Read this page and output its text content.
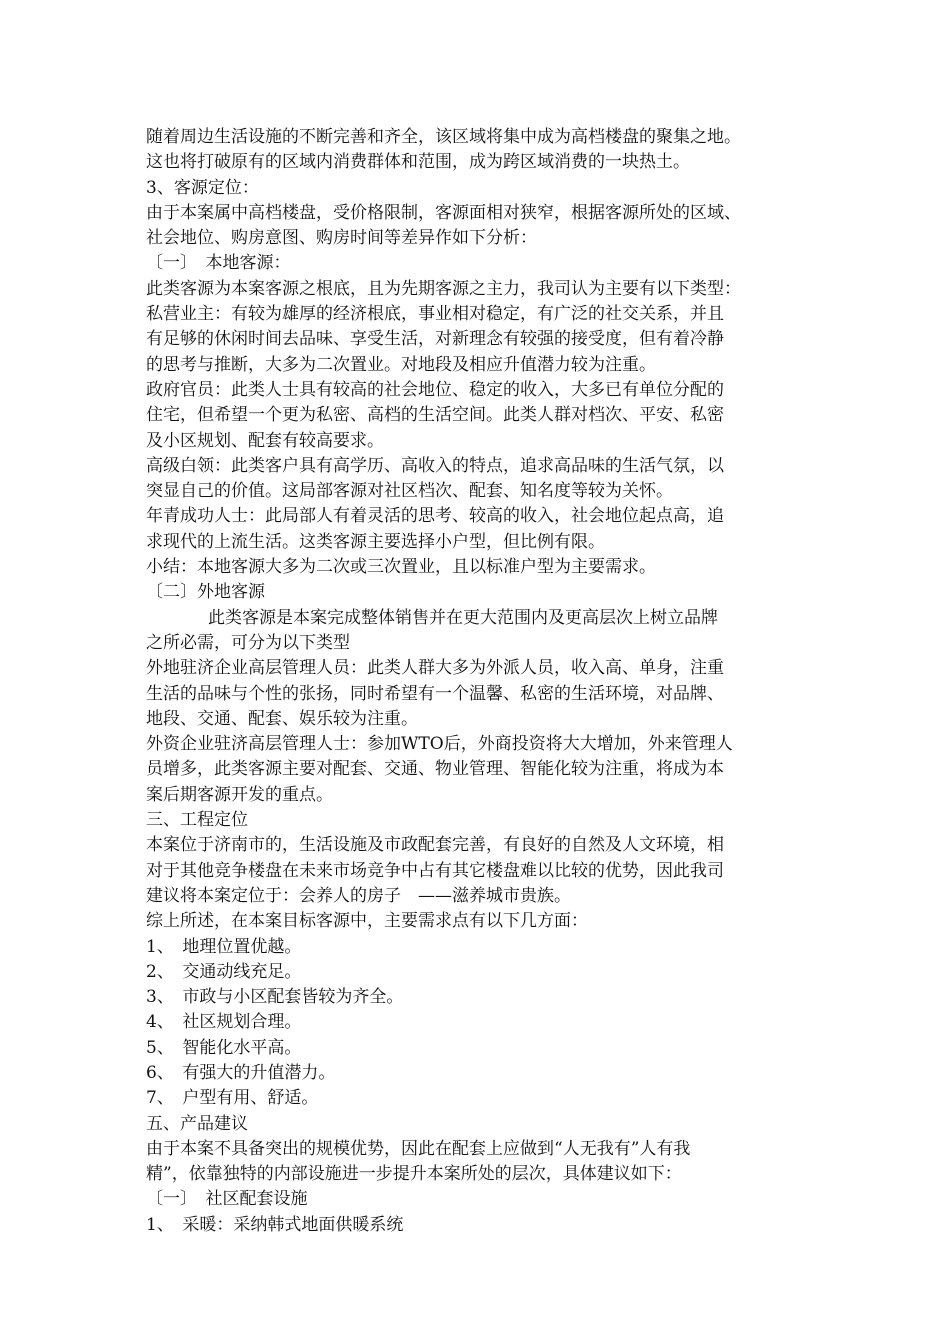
随着周边生活设施的不断完善和齐全，该区域将集中成为高档楼盘的聚集之地。
这也将打破原有的区域内消费群体和范围，成为跨区域消费的一块热土。
3、客源定位：
由于本案属中高档楼盘，受价格限制，客源面相对狭窄，根据客源所处的区域、
社会地位、购房意图、购房时间等差异作如下分析：
〔一〕　本地客源：
此类客源为本案客源之根底，且为先期客源之主力，我司认为主要有以下类型：
私营业主：有较为雄厚的经济根底，事业相对稳定，有广泛的社交关系，并且
有足够的休闲时间去品味、享受生活，对新理念有较强的接受度，但有着冷静
的思考与推断，大多为二次置业。对地段及相应升值潜力较为注重。
政府官员：此类人士具有较高的社会地位、稳定的收入，大多已有单位分配的
住宅，但希望一个更为私密、高档的生活空间。此类人群对档次、平安、私密
及小区规划、配套有较高要求。
高级白领：此类客户具有高学历、高收入的特点，追求高品味的生活气氛，以
突显自己的价值。这局部客源对社区档次、配套、知名度等较为关怀。
年青成功人士：此局部人有着灵活的思考、较高的收入，社会地位起点高，追
求现代的上流生活。这类客源主要选择小户型，但比例有限。
小结：本地客源大多为二次或三次置业，且以标准户型为主要需求。
〔二〕外地客源
此类客源是本案完成整体销售并在更大范围内及更高层次上树立品牌
之所必需，可分为以下类型
外地驻济企业高层管理人员：此类人群大多为外派人员，收入高、单身，注重
生活的品味与个性的张扬，同时希望有一个温馨、私密的生活环境，对品牌、
地段、交通、配套、娱乐较为注重。
外资企业驻济高层管理人士：参加WTO后，外商投资将大大增加，外来管理人
员增多，此类客源主要对配套、交通、物业管理、智能化较为注重，将成为本
案后期客源开发的重点。
三、工程定位
本案位于济南市的，生活设施及市政配套完善，有良好的自然及人文环境，相
对于其他竞争楼盘在未来市场竞争中占有其它楼盘难以比较的优势，因此我司
建议将本案定位于：会养人的房子　——滋养城市贵族。
综上所述，在本案目标客源中，主要需求点有以下几方面：
1、　地理位置优越。
2、　交通动线充足。
3、　市政与小区配套皆较为齐全。
4、　社区规划合理。
5、　智能化水平高。
6、　有强大的升值潜力。
7、　户型有用、舒适。
五、产品建议
由于本案不具备突出的规模优势，因此在配套上应做到“人无我有”人有我
精”，依靠独特的内部设施进一步提升本案所处的层次，具体建议如下：
〔一〕　社区配套设施
1、　采暖：采纳韩式地面供暖系统
